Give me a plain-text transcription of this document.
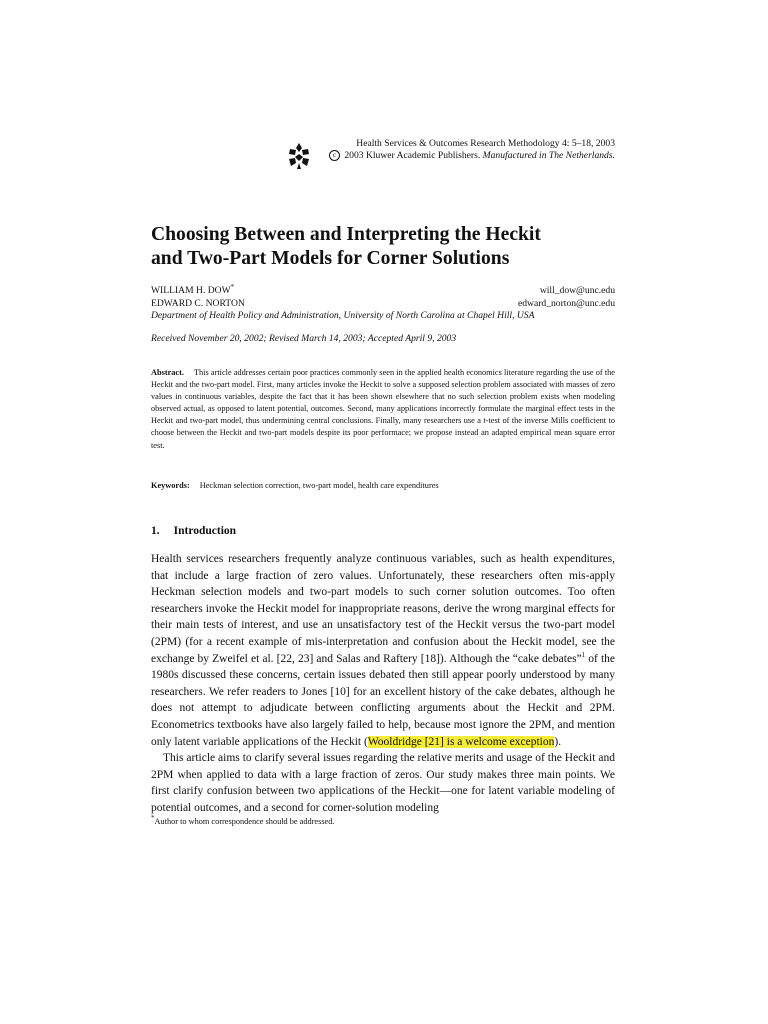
Health Services & Outcomes Research Methodology 4: 5–18, 2003
c 2003 Kluwer Academic Publishers. Manufactured in The Netherlands.
Choosing Between and Interpreting the Heckit
and Two-Part Models for Corner Solutions
WILLIAM H. DOW*	will_dow@unc.edu
EDWARD C. NORTON	edward_norton@unc.edu
Department of Health Policy and Administration, University of North Carolina at Chapel Hill, USA
Received November 20, 2002; Revised March 14, 2003; Accepted April 9, 2003
Abstract. This article addresses certain poor practices commonly seen in the applied health economics literature regarding the use of the Heckit and the two-part model. First, many articles invoke the Heckit to solve a supposed selection problem associated with masses of zero values in continuous variables, despite the fact that it has been shown elsewhere that no such selection problem exists when modeling observed actual, as opposed to latent potential, outcomes. Second, many applications incorrectly formulate the marginal effect tests in the Heckit and two-part model, thus undermining central conclusions. Finally, many researchers use a t-test of the inverse Mills coefficient to choose between the Heckit and two-part models despite its poor performace; we propose instead an adapted empirical mean square error test.
Keywords: Heckman selection correction, two-part model, health care expenditures
1. Introduction

Health services researchers frequently analyze continuous variables, such as health expenditures, that include a large fraction of zero values. Unfortunately, these researchers often mis-apply Heckman selection models and two-part models to such corner solution outcomes. Too often researchers invoke the Heckit model for inappropriate reasons, derive the wrong marginal effects for their main tests of interest, and use an unsatisfactory test of the Heckit versus the two-part model (2PM) (for a recent example of mis-interpretation and confusion about the Heckit model, see the exchange by Zweifel et al. [22, 23] and Salas and Raftery [18]). Although the “cake debates”$^1$ of the 1980s discussed these concerns, certain issues debated then still appear poorly understood by many researchers. We refer readers to Jones [10] for an excellent history of the cake debates, although he does not attempt to adjudicate between conflicting arguments about the Heckit and 2PM. Econometrics textbooks have also largely failed to help, because most ignore the 2PM, and mention only latent variable applications of the Heckit (Wooldridge [21] is a welcome exception).

This article aims to clarify several issues regarding the relative merits and usage of the Heckit and 2PM when applied to data with a large fraction of zeros. Our study makes three main points. We first clarify confusion between two applications of the Heckit—one for latent variable modeling of potential outcomes, and a second for corner-solution modeling

*Author to whom correspondence should be addressed.
